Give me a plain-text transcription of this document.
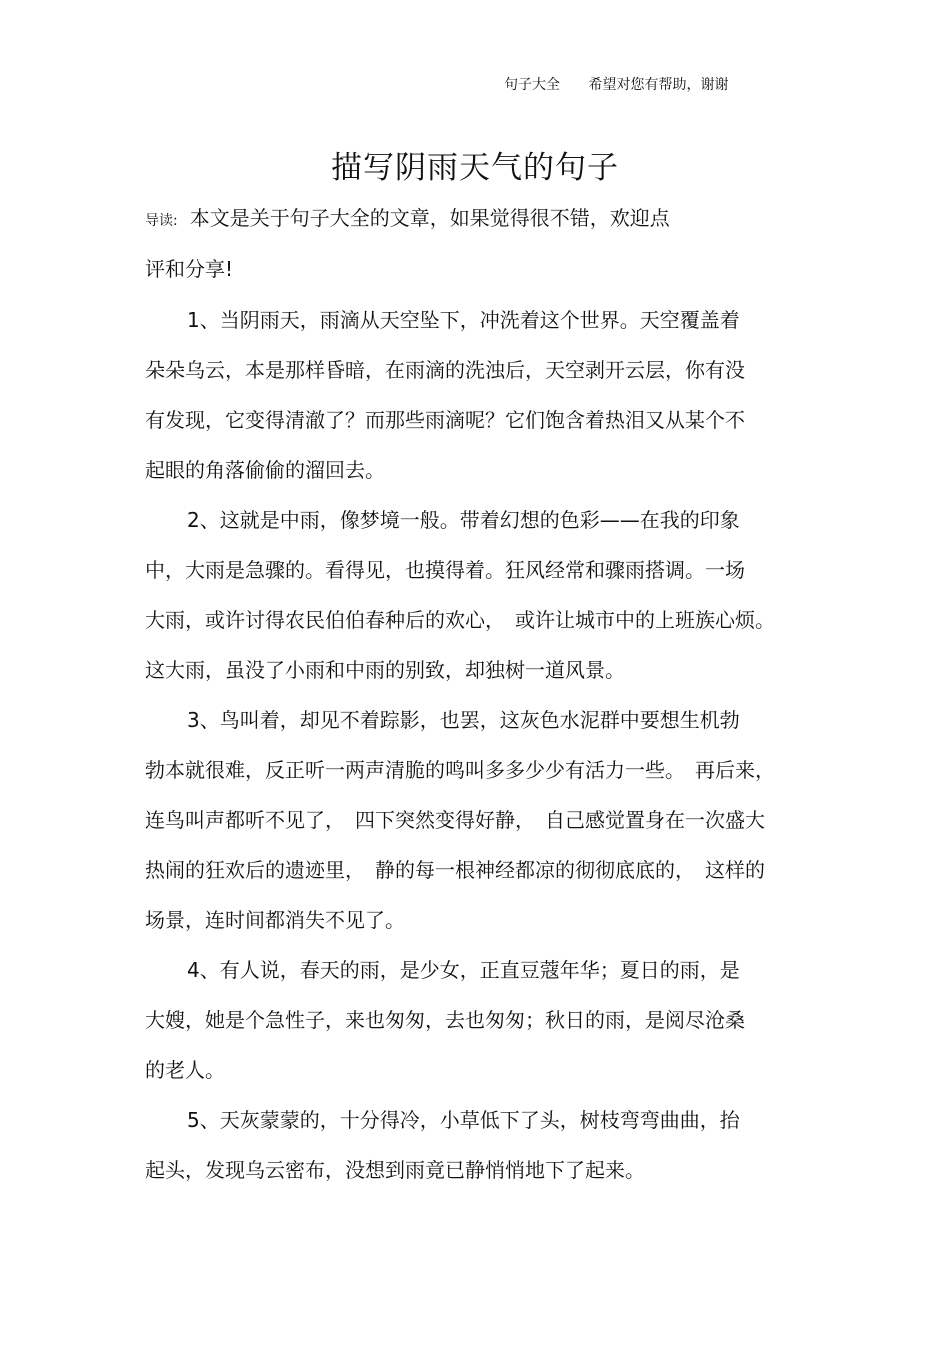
句子大全 希望对您有帮助，谢谢
描写阴雨天气的句子
导读: 本文是关于句子大全的文章，如果觉得很不错，欢迎点
评和分享!
1、当阴雨天，雨滴从天空坠下，冲洗着这个世界。天空覆盖着
朵朵乌云，本是那样昏暗，在雨滴的洗浊后，天空剥开云层，你有没
有发现，它变得清澈了？而那些雨滴呢？它们饱含着热泪又从某个不
起眼的角落偷偷的溜回去。
2、这就是中雨，像梦境一般。带着幻想的色彩——在我的印象
中，大雨是急骤的。看得见，也摸得着。狂风经常和骤雨搭调。一场
大雨，或许讨得农民伯伯春种后的欢心，　或许让城市中的上班族心烦。
这大雨，虽没了小雨和中雨的别致，却独树一道风景。
3、鸟叫着，却见不着踪影，也罢，这灰色水泥群中要想生机勃
勃本就很难，反正听一两声清脆的鸣叫多多少少有活力一些。　再后来，
连鸟叫声都听不见了，　四下突然变得好静，　自己感觉置身在一次盛大
热闹的狂欢后的遗迹里，　静的每一根神经都凉的彻彻底底的，　这样的
场景，连时间都消失不见了。
4、有人说，春天的雨，是少女，正直豆蔻年华；夏日的雨，是
大嫂，她是个急性子，来也匆匆，去也匆匆；秋日的雨，是阅尽沧桑
的老人。
5、天灰蒙蒙的，十分得冷，小草低下了头，树枝弯弯曲曲，抬
起头，发现乌云密布，没想到雨竟已静悄悄地下了起来。
